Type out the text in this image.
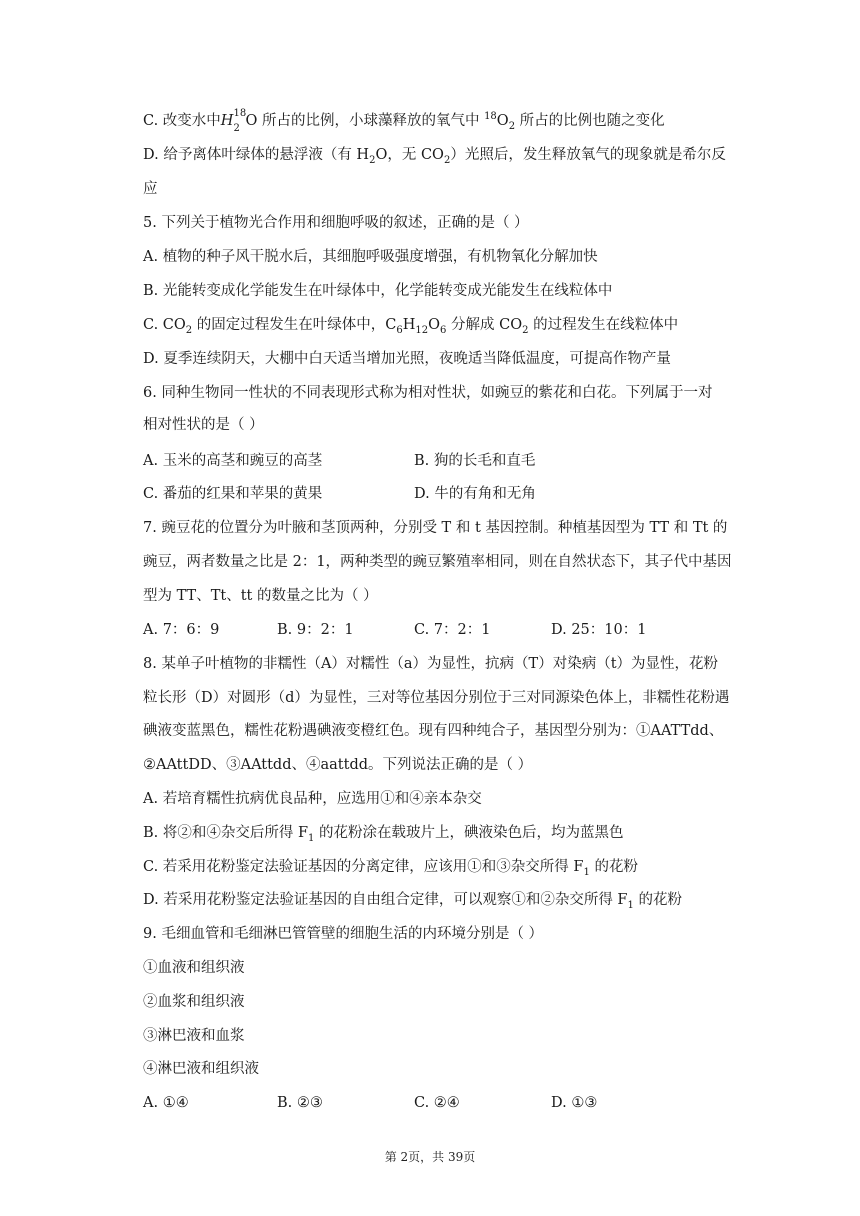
C. 改变水中H 18
2 O 所占的比例，小球藻释放的氧气中 $^{18}O_2$ 所占的比例也随之变化
D. 给予离体叶绿体的悬浮液（有 $H_2O$，无 $CO_2$）光照后，发生释放氧气的现象就是希尔反
应
5. 下列关于植物光合作用和细胞呼吸的叙述，正确的是（ ）
A. 植物的种子风干脱水后，其细胞呼吸强度增强，有机物氧化分解加快
B. 光能转变成化学能发生在叶绿体中，化学能转变成光能发生在线粒体中
C. $CO_2$ 的固定过程发生在叶绿体中，$C_6H_{12}O_6$ 分解成 $CO_2$ 的过程发生在线粒体中
D. 夏季连续阴天，大棚中白天适当增加光照，夜晚适当降低温度，可提高作物产量
6. 同种生物同一性状的不同表现形式称为相对性状，如豌豆的紫花和白花。下列属于一对
相对性状的是（ ）
A. 玉米的高茎和豌豆的高茎	B. 狗的长毛和直毛
C. 番茄的红果和苹果的黄果	D. 牛的有角和无角
7. 豌豆花的位置分为叶腋和茎顶两种，分别受 T 和 t 基因控制。种植基因型为 TT 和 Tt 的
豌豆，两者数量之比是 2：1，两种类型的豌豆繁殖率相同，则在自然状态下，其子代中基因
型为 TT、Tt、tt 的数量之比为（ ）
A. 7：6：9	B. 9：2：1	C. 7：2：1	D. 25：10：1
8. 某单子叶植物的非糯性（A）对糯性（a）为显性，抗病（T）对染病（t）为显性，花粉
粒长形（D）对圆形（d）为显性，三对等位基因分别位于三对同源染色体上，非糯性花粉遇
碘液变蓝黑色，糯性花粉遇碘液变橙红色。现有四种纯合子，基因型分别为：①AATTdd、
②AAttDD、③AAttdd、④aattdd。下列说法正确的是（ ）
A. 若培育糯性抗病优良品种，应选用①和④亲本杂交
B. 将②和④杂交后所得 $F_1$ 的花粉涂在载玻片上，碘液染色后，均为蓝黑色
C. 若采用花粉鉴定法验证基因的分离定律，应该用①和③杂交所得 $F_1$ 的花粉
D. 若采用花粉鉴定法验证基因的自由组合定律，可以观察①和②杂交所得 $F_1$ 的花粉
9. 毛细血管和毛细淋巴管管壁的细胞生活的内环境分别是（ ）
①血液和组织液
②血浆和组织液
③淋巴液和血浆
④淋巴液和组织液
A. ①④	B. ②③	C. ②④	D. ①③
第 2页，共 39页
